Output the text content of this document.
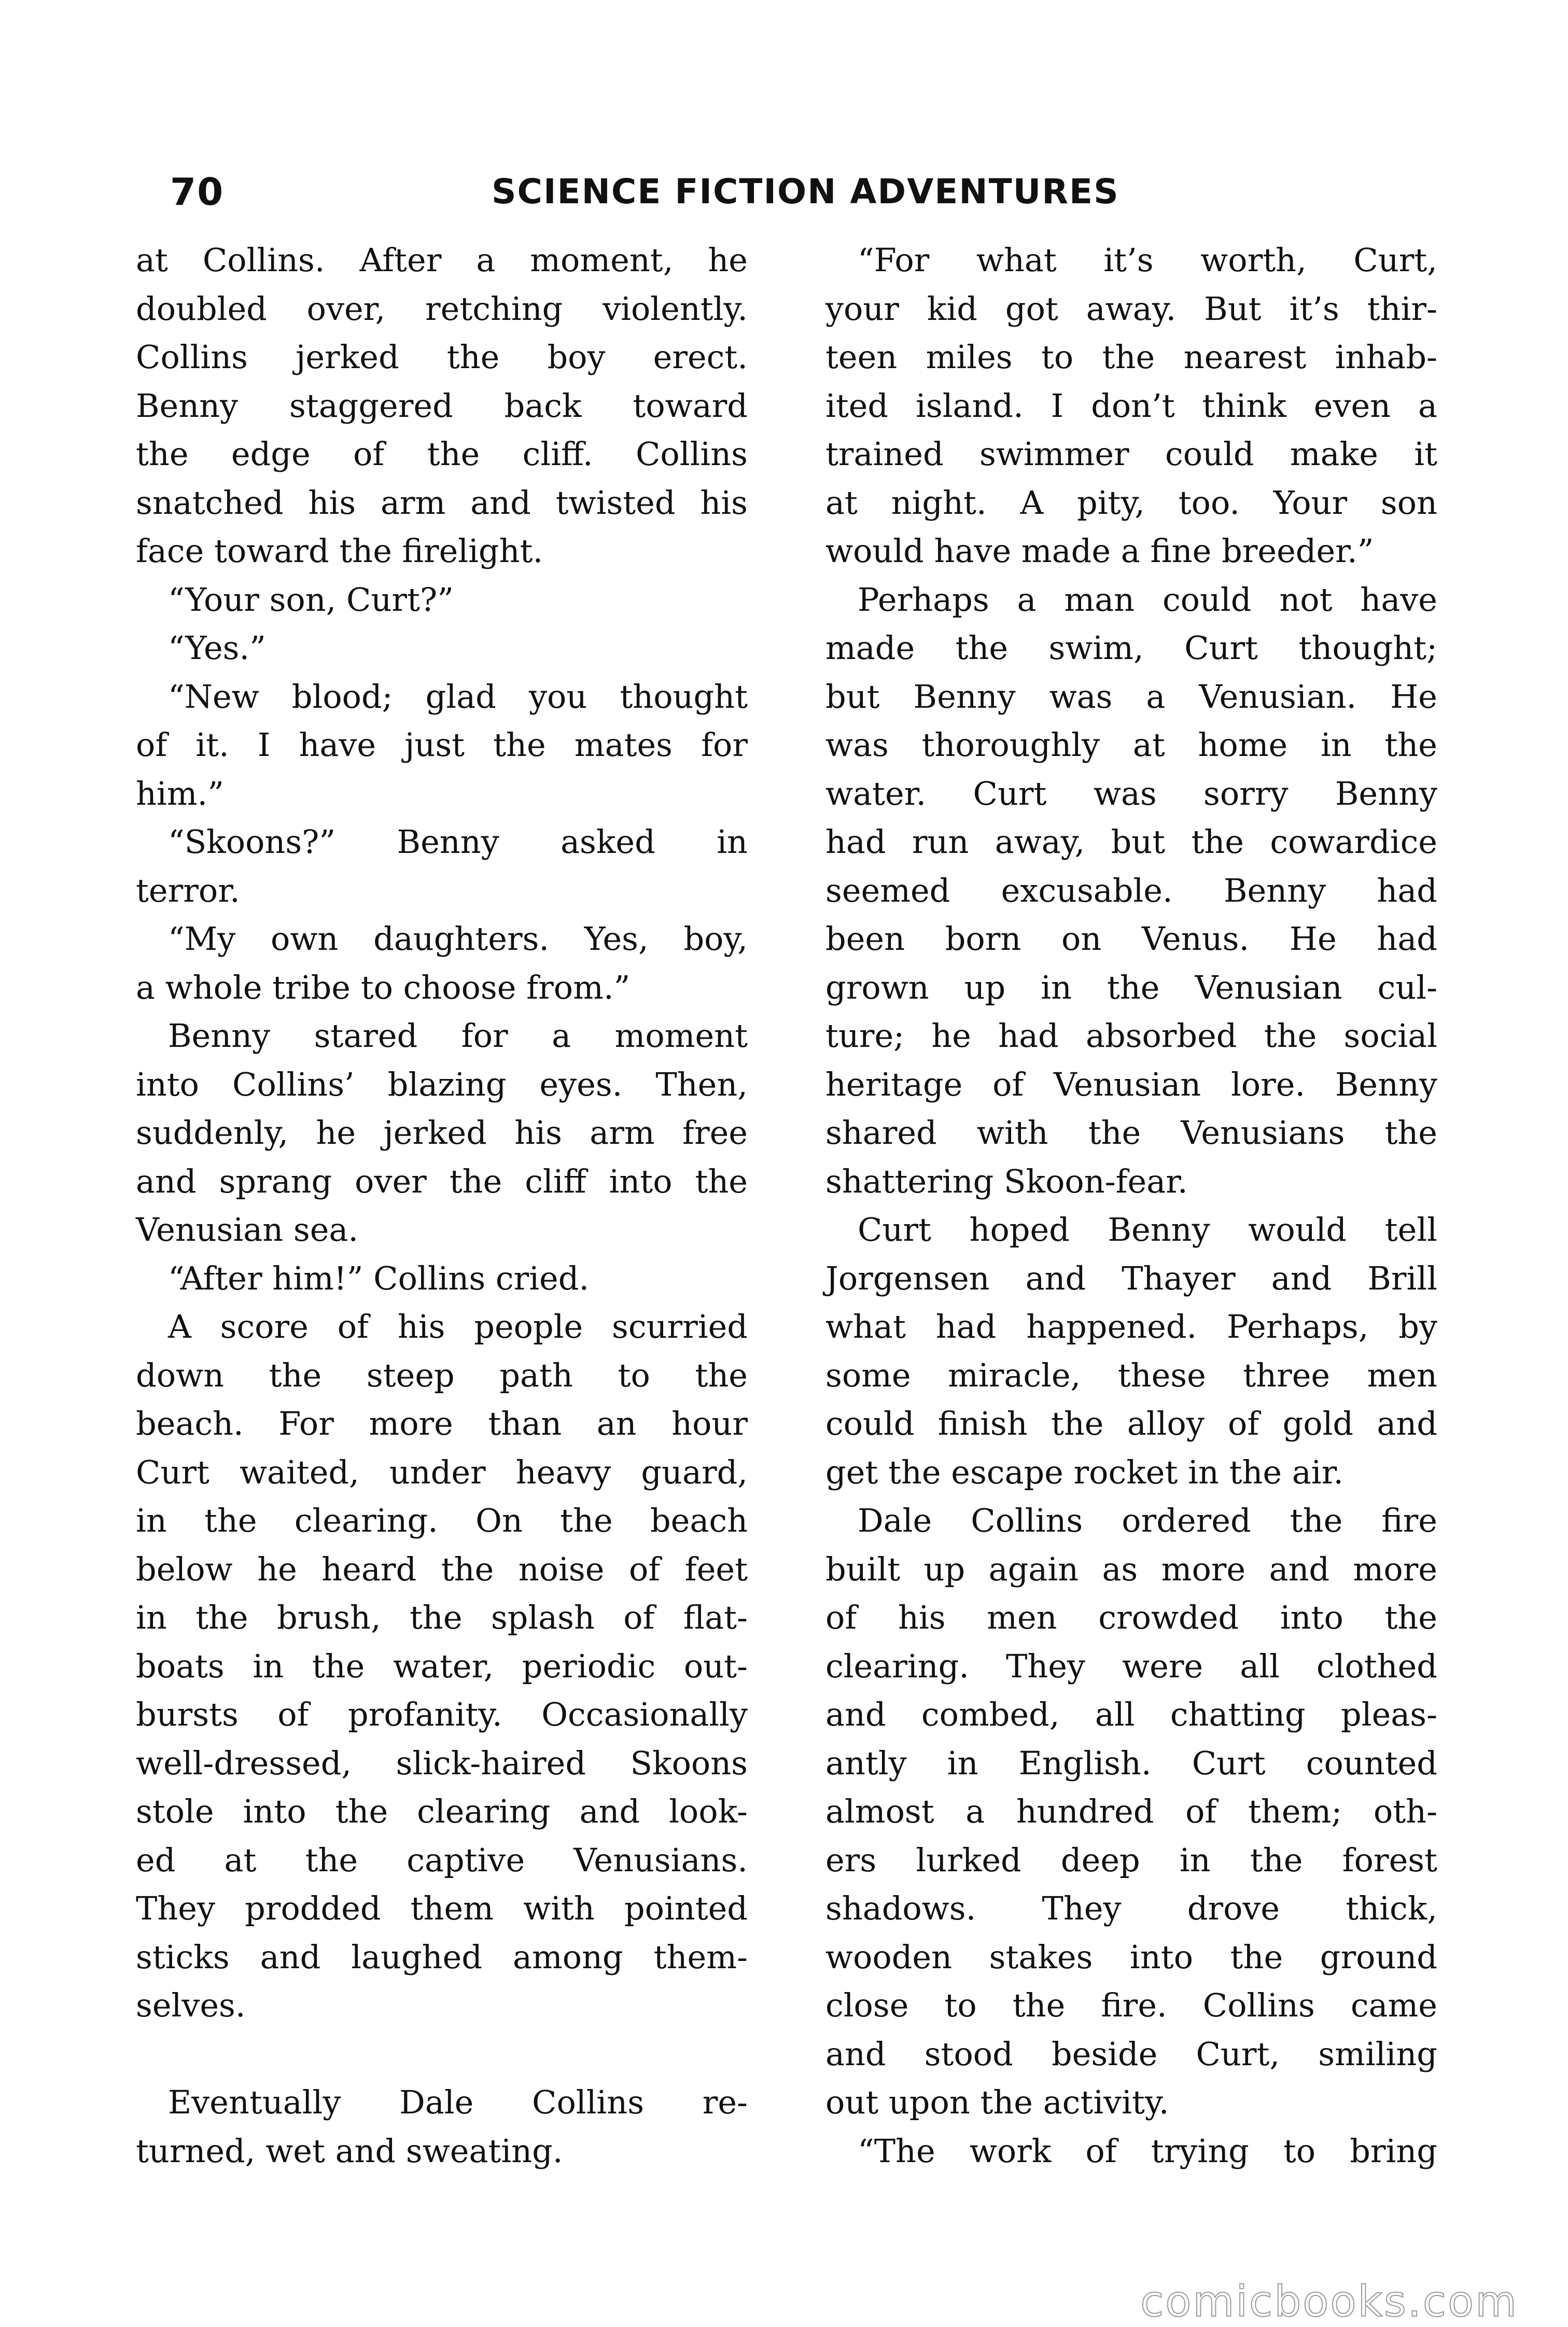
70	SCIENCE FICTION ADVENTURES
at Collins. After a moment, he
doubled over, retching violently.
Collins jerked the boy erect.
Benny staggered back toward
the edge of the cliff. Collins
snatched his arm and twisted his
face toward the firelight.
“Your son, Curt?”
“Yes.”
“New blood; glad you thought
of it. I have just the mates for
him.”
“Skoons?” Benny asked in
terror.
“My own daughters. Yes, boy,
a whole tribe to choose from.”
Benny stared for a moment
into Collins’ blazing eyes. Then,
suddenly, he jerked his arm free
and sprang over the cliff into the
Venusian sea.
“After him!” Collins cried.
A score of his people scurried
down the steep path to the
beach. For more than an hour
Curt waited, under heavy guard,
in the clearing. On the beach
below he heard the noise of feet
in the brush, the splash of flat-
boats in the water, periodic out-
bursts of profanity. Occasionally
well-dressed, slick-haired Skoons
stole into the clearing and look-
ed at the captive Venusians.
They prodded them with pointed
sticks and laughed among them-
selves.
Eventually Dale Collins re-
turned, wet and sweating.
“For what it’s worth, Curt,
your kid got away. But it’s thir-
teen miles to the nearest inhab-
ited island. I don’t think even a
trained swimmer could make it
at night. A pity, too. Your son
would have made a fine breeder.”
Perhaps a man could not have
made the swim, Curt thought;
but Benny was a Venusian. He
was thoroughly at home in the
water. Curt was sorry Benny
had run away, but the cowardice
seemed excusable. Benny had
been born on Venus. He had
grown up in the Venusian cul-
ture; he had absorbed the social
heritage of Venusian lore. Benny
shared with the Venusians the
shattering Skoon-fear.
Curt hoped Benny would tell
Jorgensen and Thayer and Brill
what had happened. Perhaps, by
some miracle, these three men
could finish the alloy of gold and
get the escape rocket in the air.
Dale Collins ordered the fire
built up again as more and more
of his men crowded into the
clearing. They were all clothed
and combed, all chatting pleas-
antly in English. Curt counted
almost a hundred of them; oth-
ers lurked deep in the forest
shadows. They drove thick,
wooden stakes into the ground
close to the fire. Collins came
and stood beside Curt, smiling
out upon the activity.
“The work of trying to bring
comicbooks.com
